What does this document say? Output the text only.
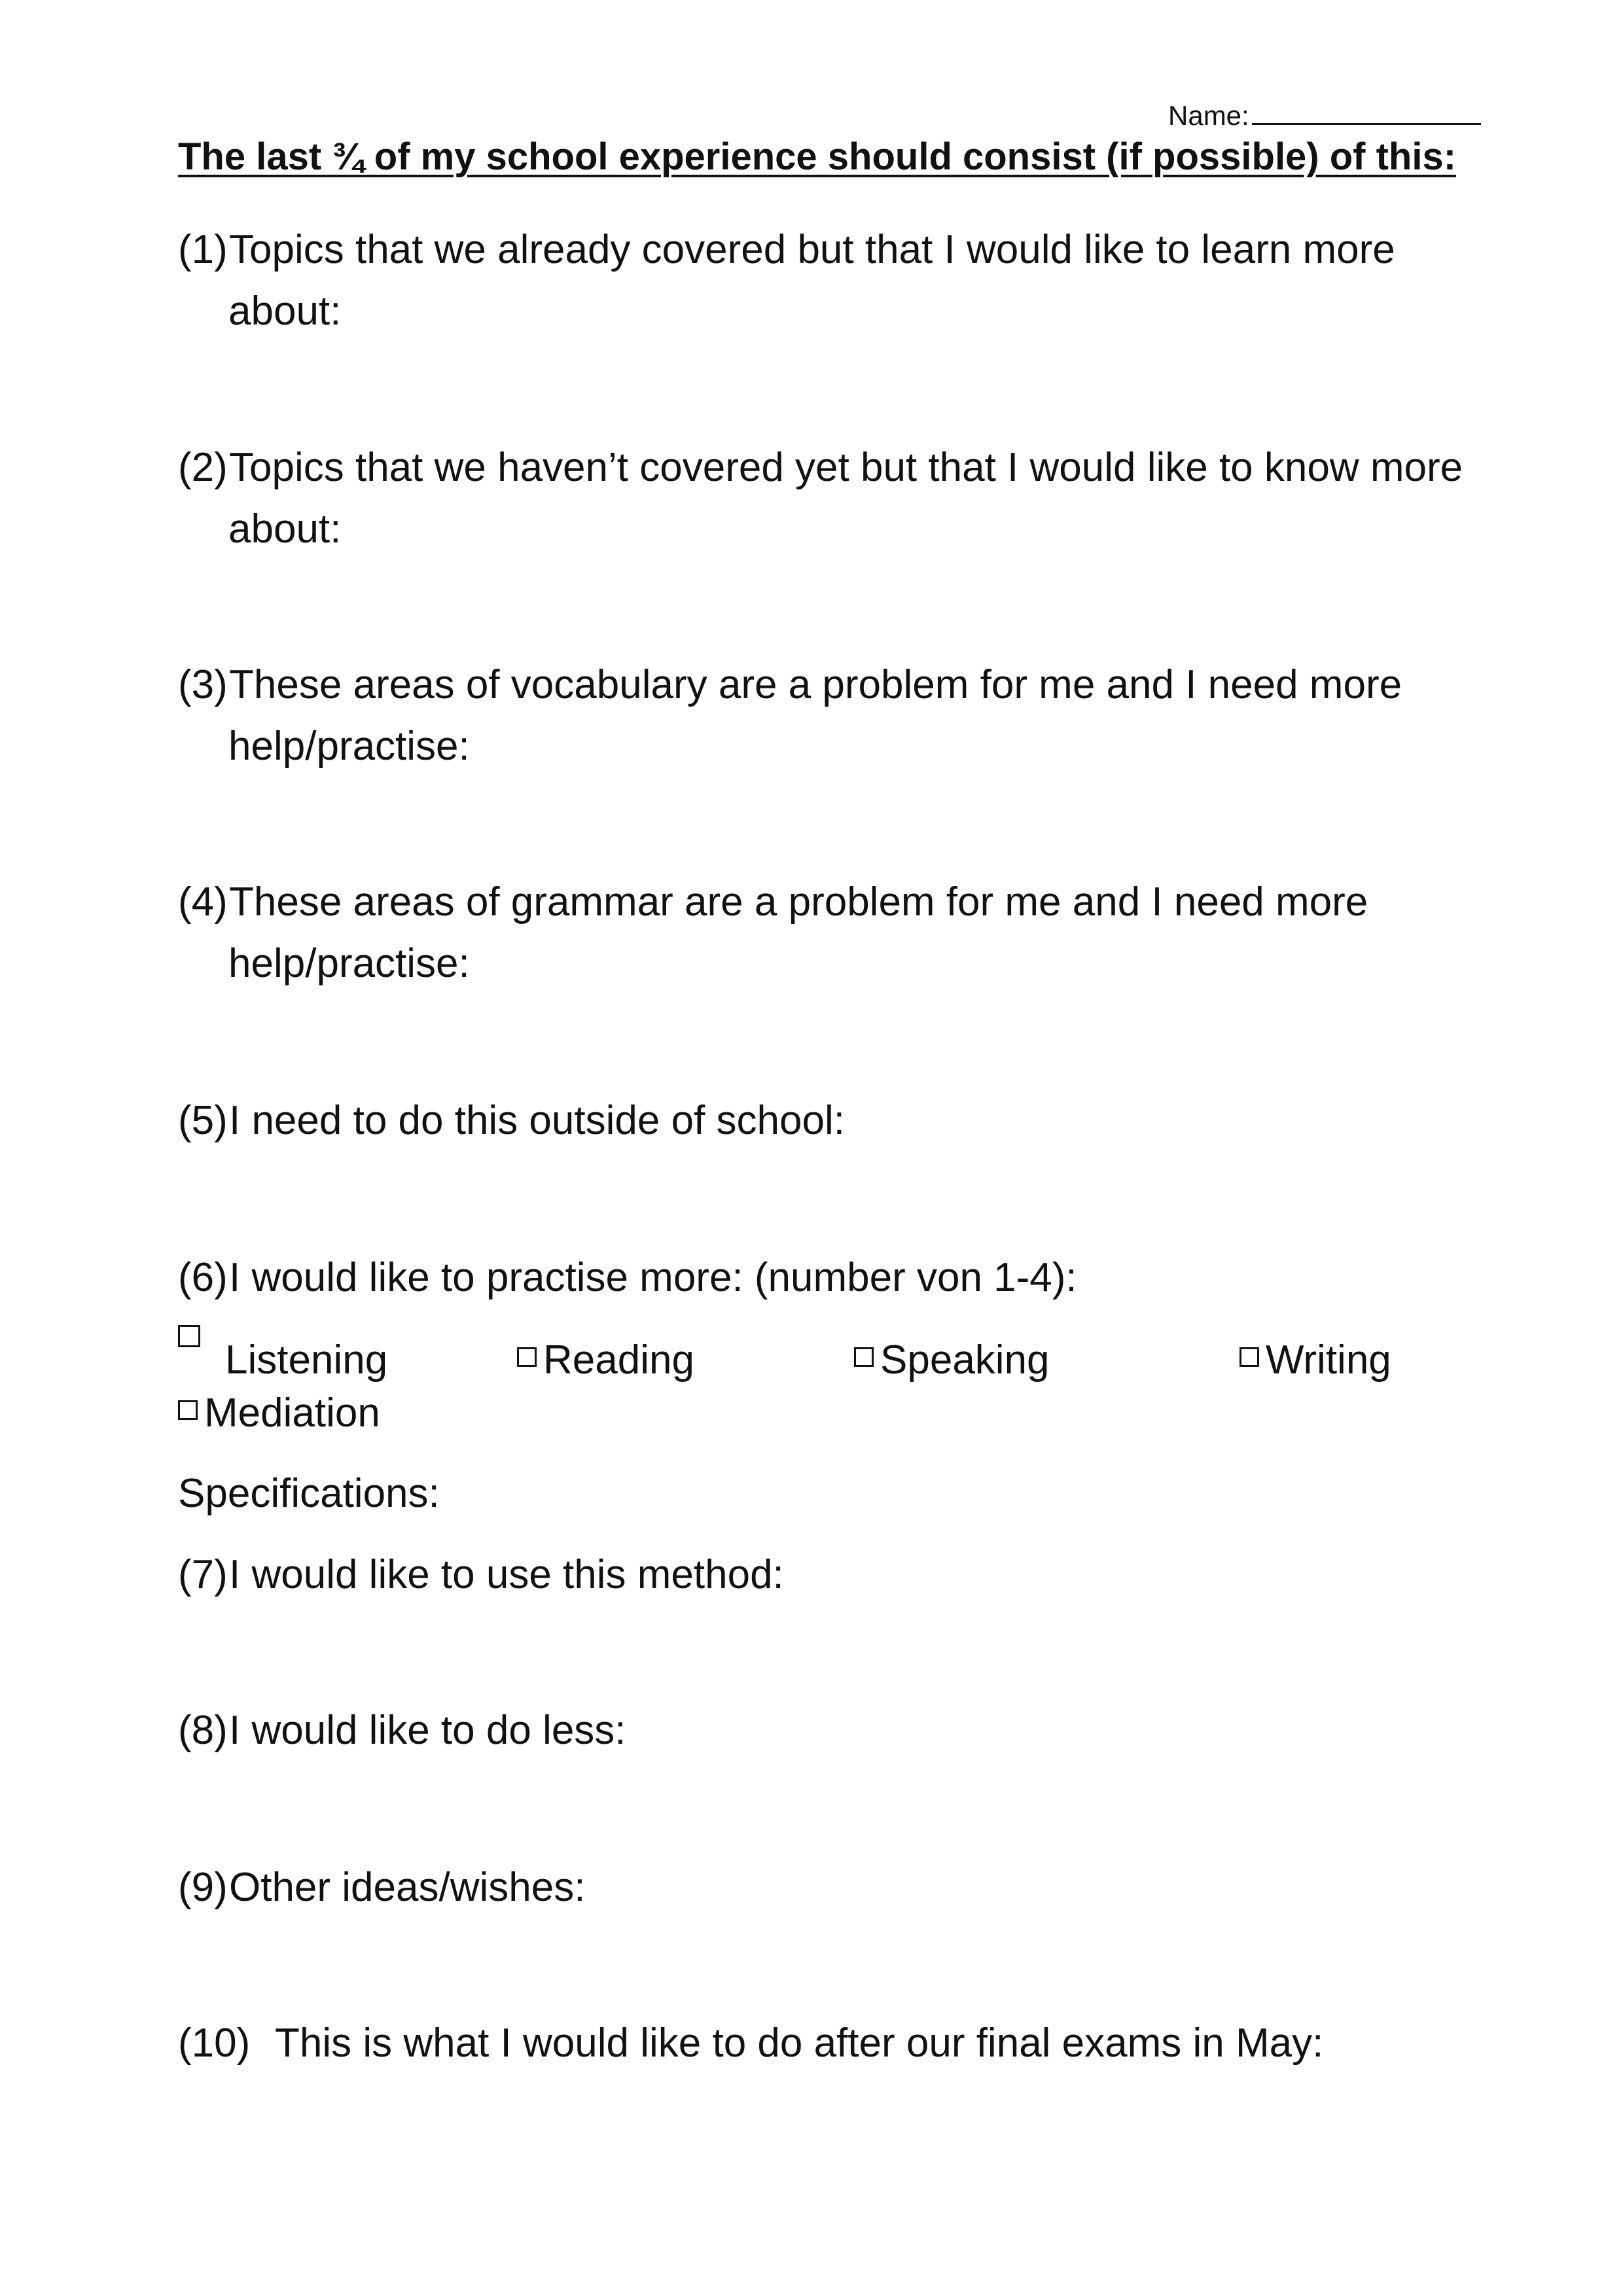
Name:
The last ¾ of my school experience should consist (if possible) of this:
(1)Topics that we already covered but that I would like to learn more
about:
(2)Topics that we haven’t covered yet but that I would like to know more
about:
(3)These areas of vocabulary are a problem for me and I need more
help/practise:
(4)These areas of grammar are a problem for me and I need more
help/practise:
(5)I need to do this outside of school:
(6)I would like to practise more: (number von 1-4):
Listening	Reading	Speaking	Writing
Mediation
Specifications:
(7)I would like to use this method:
(8)I would like to do less:
(9)Other ideas/wishes:
(10) This is what I would like to do after our final exams in May:
